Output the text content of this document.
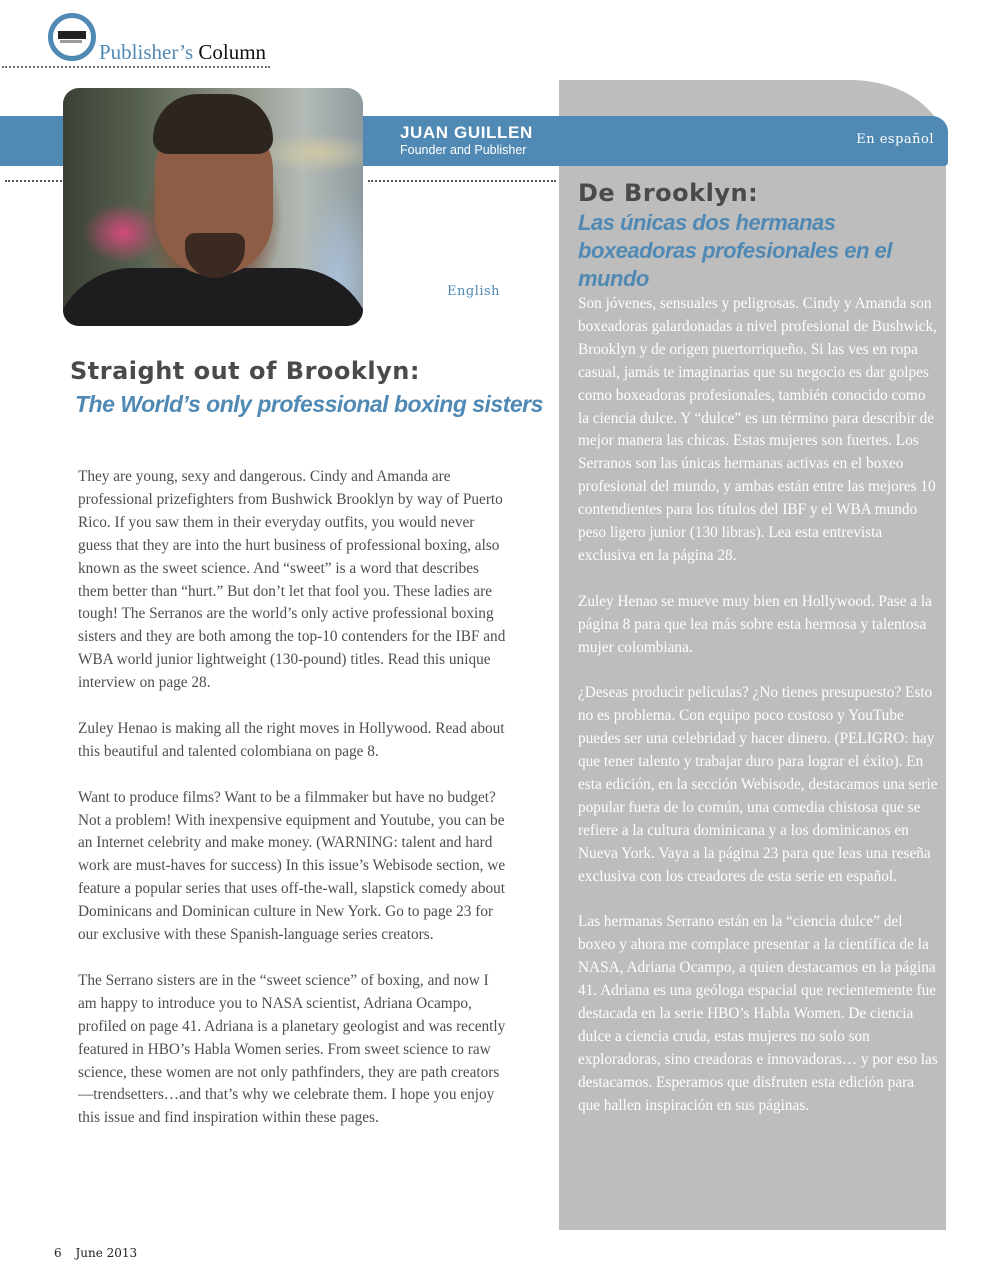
Publisher’s Column
JUAN GUILLEN
Founder and Publisher
En español
English
Straight out of Brooklyn:
The World’s only professional boxing sisters

They are young, sexy and dangerous. Cindy and Amanda are professional prizefighters from Bushwick Brooklyn by way of Puerto Rico. If you saw them in their everyday outfits, you would never guess that they are into the hurt business of professional boxing, also known as the sweet science. And “sweet” is a word that describes them better than “hurt.” But don’t let that fool you. These ladies are tough! The Serranos are the world’s only active professional boxing sisters and they are both among the top-10 contenders for the IBF and WBA world junior lightweight (130-pound) titles. Read this unique interview on page 28.

Zuley Henao is making all the right moves in Hollywood. Read about this beautiful and talented colombiana on page 8.

Want to produce films? Want to be a filmmaker but have no budget? Not a problem! With inexpensive equipment and Youtube, you can be an Internet celebrity and make money. (WARNING: talent and hard work are must-haves for success) In this issue’s Webisode section, we feature a popular series that uses off-the-wall, slapstick comedy about Dominicans and Dominican culture in New York. Go to page 23 for our exclusive with these Spanish-language series creators.

The Serrano sisters are in the “sweet science” of boxing, and now I am happy to introduce you to NASA scientist, Adriana Ocampo, profiled on page 41. Adriana is a planetary geologist and was recently featured in HBO’s Habla Women series. From sweet science to raw science, these women are not only pathfinders, they are path creators—trendsetters…and that’s why we celebrate them. I hope you enjoy this issue and find inspiration within these pages.

De Brooklyn:
Las únicas dos hermanas boxeadoras profesionales en el mundo

Son jóvenes, sensuales y peligrosas. Cindy y Amanda son boxeadoras galardonadas a nivel profesional de Bushwick, Brooklyn y de origen puertorriqueño. Si las ves en ropa casual, jamás te imaginarías que su negocio es dar golpes como boxeadoras profesionales, también conocido como la ciencia dulce. Y “dulce” es un término para describir de mejor manera las chicas. Estas mujeres son fuertes. Los Serranos son las únicas hermanas activas en el boxeo profesional del mundo, y ambas están entre las mejores 10 contendientes para los títulos del IBF y el WBA mundo peso ligero junior (130 libras). Lea esta entrevista exclusiva en la página 28.

Zuley Henao se mueve muy bien en Hollywood. Pase a la página 8 para que lea más sobre esta hermosa y talentosa mujer colombiana.

¿Deseas producir películas? ¿No tienes presupuesto? Esto no es problema. Con equipo poco costoso y YouTube puedes ser una celebridad y hacer dinero. (PELIGRO: hay que tener talento y trabajar duro para lograr el éxito). En esta edición, en la sección Webisode, destacamos una serie popular fuera de lo común, una comedia chistosa que se refiere a la cultura dominicana y a los dominicanos en Nueva York. Vaya a la página 23 para que leas una reseña exclusiva con los creadores de esta serie en español.

Las hermanas Serrano están en la “ciencia dulce” del boxeo y ahora me complace presentar a la científica de la NASA, Adriana Ocampo, a quien destacamos en la página 41. Adriana es una geóloga espacial que recientemente fue destacada en la serie HBO’s Habla Women. De ciencia dulce a ciencia cruda, estas mujeres no solo son exploradoras, sino creadoras e innovadoras… y por eso las destacamos. Esperamos que disfruten esta edición para que hallen inspiración en sus páginas.

6 June 2013
